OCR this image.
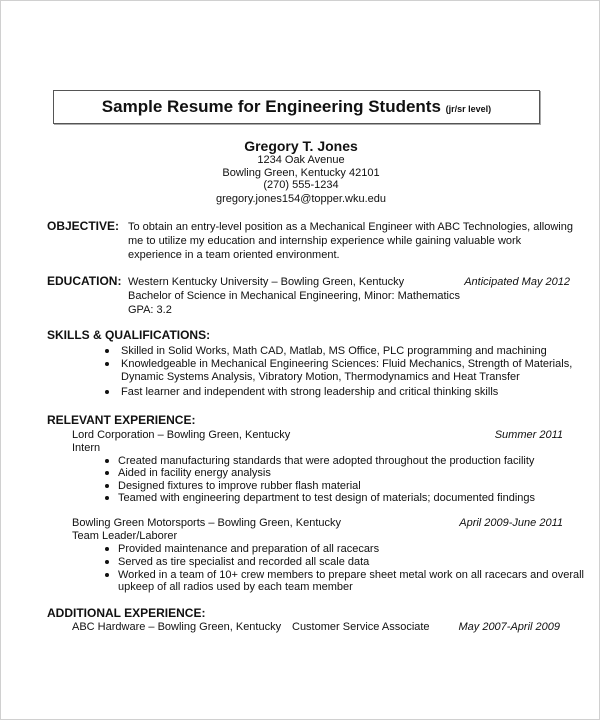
Sample Resume for Engineering Students (jr/sr level)
Gregory T. Jones
1234 Oak Avenue
Bowling Green, Kentucky 42101
(270) 555-1234
gregory.jones154@topper.wku.edu
OBJECTIVE: To obtain an entry-level position as a Mechanical Engineer with ABC Technologies, allowing
me to utilize my education and internship experience while gaining valuable work
experience in a team oriented environment.
EDUCATION: Western Kentucky University – Bowling Green, Kentucky	Anticipated May 2012
Bachelor of Science in Mechanical Engineering, Minor: Mathematics
GPA: 3.2
SKILLS & QUALIFICATIONS:
Skilled in Solid Works, Math CAD, Matlab, MS Office, PLC programming and machining
Knowledgeable in Mechanical Engineering Sciences: Fluid Mechanics, Strength of Materials,
Dynamic Systems Analysis, Vibratory Motion, Thermodynamics and Heat Transfer
Fast learner and independent with strong leadership and critical thinking skills
RELEVANT EXPERIENCE:
Lord Corporation – Bowling Green, Kentucky	Summer 2011
Intern
Created manufacturing standards that were adopted throughout the production facility
Aided in facility energy analysis
Designed fixtures to improve rubber flash material
Teamed with engineering department to test design of materials; documented findings
Bowling Green Motorsports – Bowling Green, Kentucky	April 2009-June 2011
Team Leader/Laborer
Provided maintenance and preparation of all racecars
Served as tire specialist and recorded all scale data
Worked in a team of 10+ crew members to prepare sheet metal work on all racecars and overall
upkeep of all radios used by each team member
ADDITIONAL EXPERIENCE:
ABC Hardware – Bowling Green, Kentucky Customer Service Associate	May 2007-April 2009
